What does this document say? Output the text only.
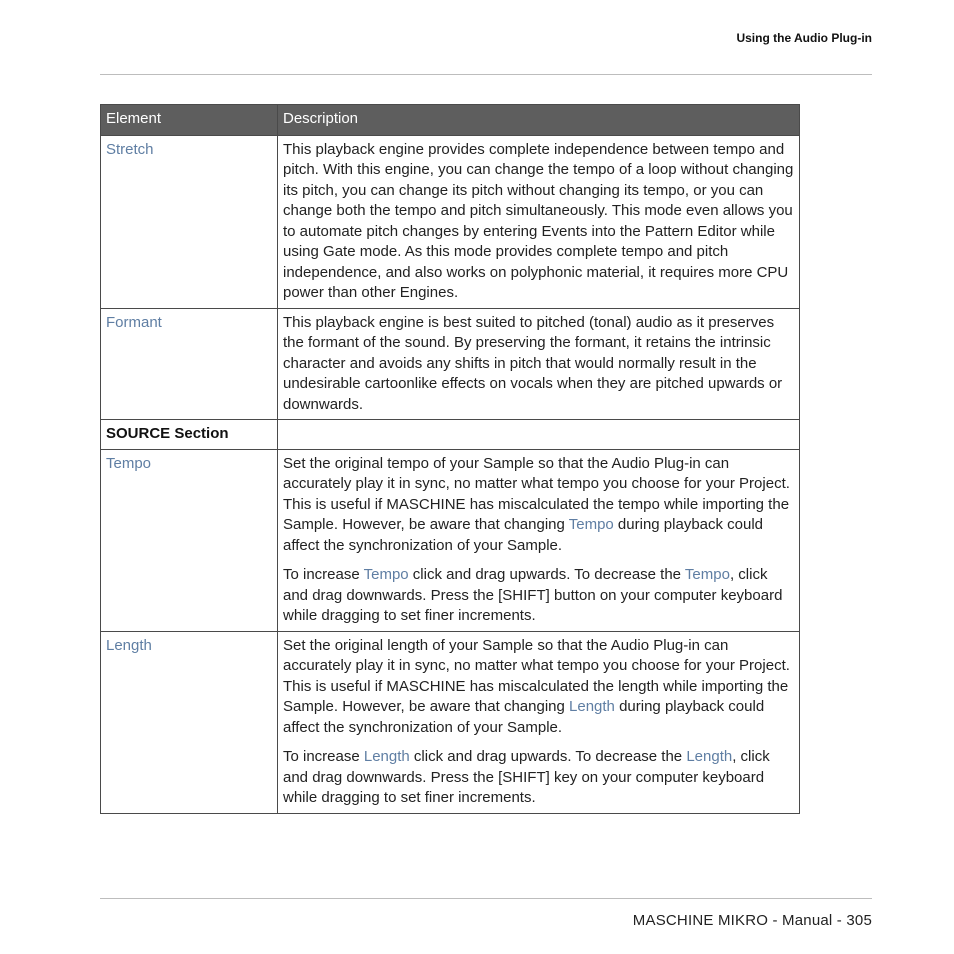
Using the Audio Plug-in
Element	Description
Stretch	This playback engine provides complete independence between tempo and pitch. With this engine, you can change the tempo of a loop without changing its pitch, you can change its pitch without changing its tempo, or you can change both the tempo and pitch simultaneously. This mode even allows you to automate pitch changes by entering Events into the Pattern Editor while using Gate mode. As this mode provides complete tempo and pitch independence, and also works on polyphonic material, it requires more CPU power than other Engines.

Formant	This playback engine is best suited to pitched (tonal) audio as it preserves the formant of the sound. By preserving the formant, it retains the intrinsic character and avoids any shifts in pitch that would normally result in the undesirable cartoonlike effects on vocals when they are pitched upwards or downwards.

SOURCE Section	
Tempo	Set the original tempo of your Sample so that the Audio Plug-in can accurately play it in sync, no matter what tempo you choose for your Project. This is useful if MASCHINE has miscalculated the tempo while importing the Sample. However, be aware that changing Tempo during playback could affect the synchronization of your Sample.

To increase Tempo click and drag upwards. To decrease the Tempo, click and drag downwards. Press the [SHIFT] button on your computer keyboard while dragging to set finer increments.

Length	Set the original length of your Sample so that the Audio Plug-in can accurately play it in sync, no matter what tempo you choose for your Project. This is useful if MASCHINE has miscalculated the length while importing the Sample. However, be aware that changing Length during playback could affect the synchronization of your Sample.

To increase Length click and drag upwards. To decrease the Length, click and drag downwards. Press the [SHIFT] key on your computer keyboard while dragging to set finer increments.

MASCHINE MIKRO - Manual - 305
